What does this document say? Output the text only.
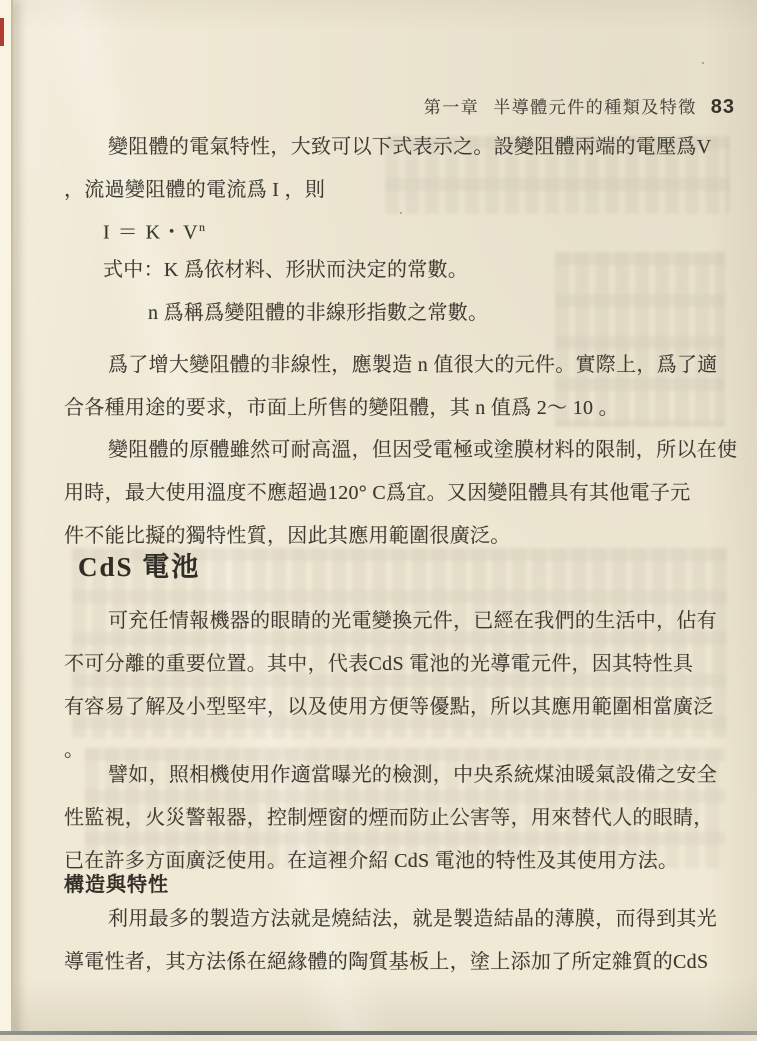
第一章 半導體元件的種類及特徵 83
變阻體的電氣特性，大致可以下式表示之。設變阻體兩端的電壓爲V
，流過變阻體的電流爲 I ，則
I ＝ K・$V^n$
式中：K 爲依材料、形狀而決定的常數。
n 爲稱爲變阻體的非線形指數之常數。
爲了增大變阻體的非線性，應製造 n 值很大的元件。實際上，爲了適
合各種用途的要求，市面上所售的變阻體，其 n 值爲 2～ 10 。
變阻體的原體雖然可耐高溫，但因受電極或塗膜材料的限制，所以在使
用時，最大使用溫度不應超過120° C爲宜。又因變阻體具有其他電子元
件不能比擬的獨特性質，因此其應用範圍很廣泛。
CdS 電池
可充任情報機器的眼睛的光電變換元件，已經在我們的生活中，佔有
不可分離的重要位置。其中，代表CdS 電池的光導電元件，因其特性具
有容易了解及小型堅牢，以及使用方便等優點，所以其應用範圍相當廣泛
。
譬如，照相機使用作適當曝光的檢測，中央系統煤油暖氣設備之安全
性監視，火災警報器，控制煙窗的煙而防止公害等，用來替代人的眼睛，
已在許多方面廣泛使用。在這裡介紹 CdS 電池的特性及其使用方法。
構造與特性
利用最多的製造方法就是燒結法，就是製造結晶的薄膜，而得到其光
導電性者，其方法係在絕緣體的陶質基板上，塗上添加了所定雜質的CdS
